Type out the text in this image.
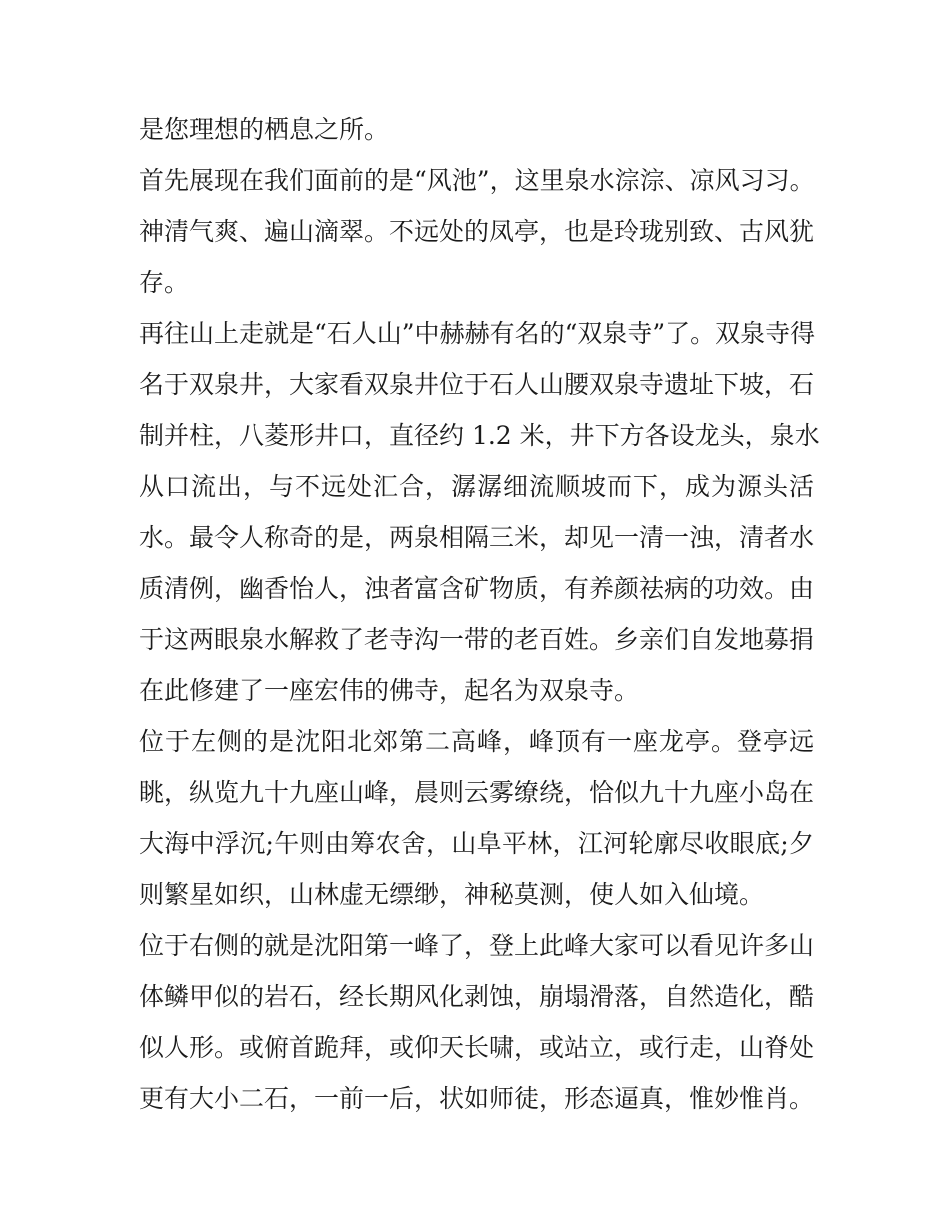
是您理想的栖息之所。
首先展现在我们面前的是“风池”，这里泉水淙淙、凉风习习。
神清气爽、遍山滴翠。不远处的凤亭，也是玲珑别致、古风犹
存。
再往山上走就是“石人山”中赫赫有名的“双泉寺”了。双泉寺得
名于双泉井，大家看双泉井位于石人山腰双泉寺遗址下坡，石
制并柱，八菱形井口，直径约 1.2 米，井下方各设龙头，泉水
从口流出，与不远处汇合，潺潺细流顺坡而下，成为源头活
水。最令人称奇的是，两泉相隔三米，却见一清一浊，清者水
质清例，幽香怡人，浊者富含矿物质，有养颜祛病的功效。由
于这两眼泉水解救了老寺沟一带的老百姓。乡亲们自发地募捐
在此修建了一座宏伟的佛寺，起名为双泉寺。
位于左侧的是沈阳北郊第二高峰，峰顶有一座龙亭。登亭远
眺，纵览九十九座山峰，晨则云雾缭绕，恰似九十九座小岛在
大海中浮沉;午则由筹农舍，山阜平林，江河轮廓尽收眼底;夕
则繁星如织，山林虚无缥缈，神秘莫测，使人如入仙境。
位于右侧的就是沈阳第一峰了，登上此峰大家可以看见许多山
体鳞甲似的岩石，经长期风化剥蚀，崩塌滑落，自然造化，酷
似人形。或俯首跪拜，或仰天长啸，或站立，或行走，山脊处
更有大小二石，一前一后，状如师徒，形态逼真，惟妙惟肖。
